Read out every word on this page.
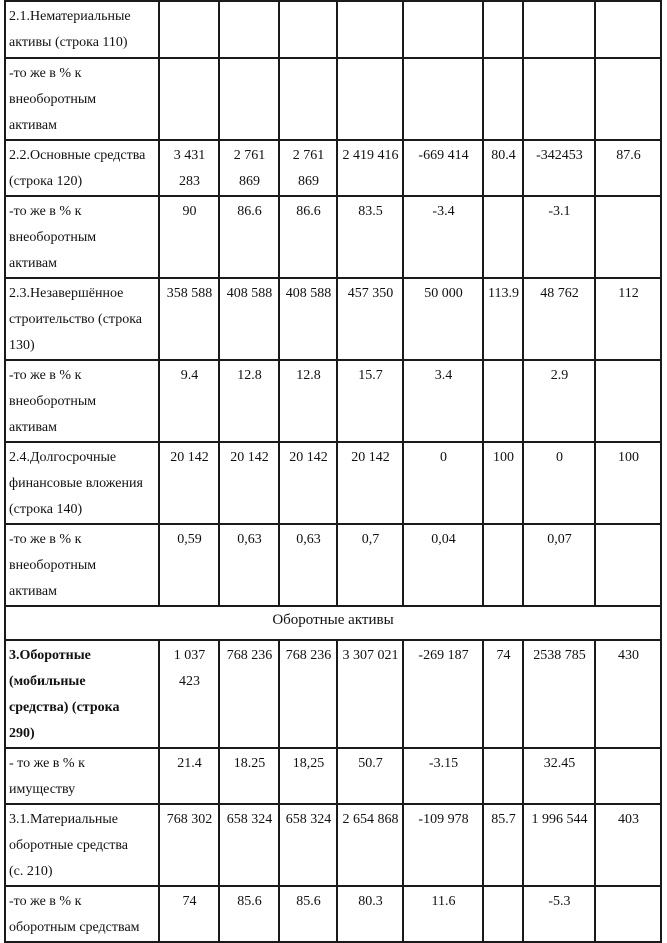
2.1.Нематериальные
активы (строка 110)								

-то же в % к
внеоборотным
активам								

2.2.Основные средства
(строка 120)	3 431 283	2 761 869	2 761 869	2 419 416	-669 414	80.4	-342453	87.6

-то же в % к
внеоборотным
активам	90	86.6	86.6	83.5	-3.4		-3.1	

2.3.Незавершённое
строительство (строка
130)	358 588	408 588	408 588	457 350	50 000	113.9	48 762	112

-то же в % к
внеоборотным
активам	9.4	12.8	12.8	15.7	3.4		2.9	

2.4.Долгосрочные
финансовые вложения
(строка 140)	20 142	20 142	20 142	20 142	0	100	0	100

-то же в % к
внеоборотным
активам	0,59	0,63	0,63	0,7	0,04		0,07	
Оборотные активы								

3.Оборотные
(мобильные
средства) (строка
290)	1 037 423	768 236	768 236	3 307 021	-269 187	74	2538 785	430

- то же в % к
имуществу	21.4	18.25	18,25	50.7	-3.15		32.45	

3.1.Материальные
оборотные средства
(с. 210)	768 302	658 324	658 324	2 654 868	-109 978	85.7	1 996 544	403

-то же в % к
оборотным средствам	74	85.6	85.6	80.3	11.6		-5.3	
